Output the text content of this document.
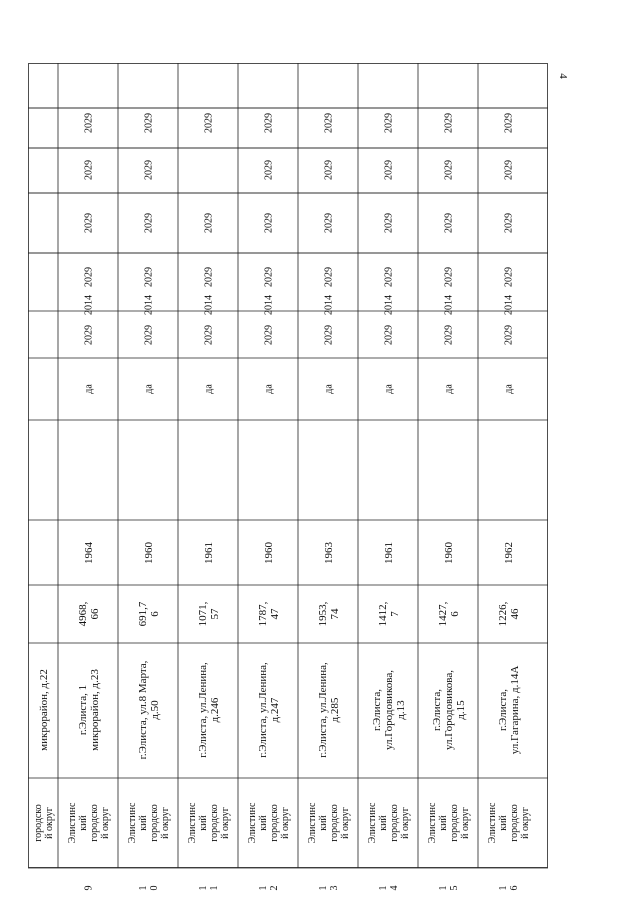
4
городской округ
микрорайон, д.22
9
Элистинскийгородской округ
г.Элиста, 1микрорайон, д.23
4968,66
1964
да
2014
2029
2029
2029
2029
2029
10
Элистинскийгородской округ
г.Элиста, ул.8 Марта,д.50
691,76
1960
да
2014
2029
2029
2029
2029
2029
11
Элистинскийгородской округ
г.Элиста, ул.Ленина,д.246
1071,57
1961
да
2014
2029
2029
2029
2029
12
Элистинскийгородской округ
г.Элиста, ул.Ленина,д.247
1787,47
1960
да
2014
2029
2029
2029
2029
2029
13
Элистинскийгородской округ
г.Элиста, ул.Ленина,д.285
1953,74
1963
да
2014
2029
2029
2029
2029
2029
14
Элистинскийгородской округ
г.Элиста,ул.Городовикова,д.13
1412,7
1961
да
2014
2029
2029
2029
2029
2029
15
Элистинскийгородской округ
г.Элиста,ул.Городовикова,д.15
1427,6
1960
да
2014
2029
2029
2029
2029
2029
16
Элистинскийгородской округ
г.Элиста,ул.Гагарина, д.14А
1226,46
1962
да
2014
2029
2029
2029
2029
2029
